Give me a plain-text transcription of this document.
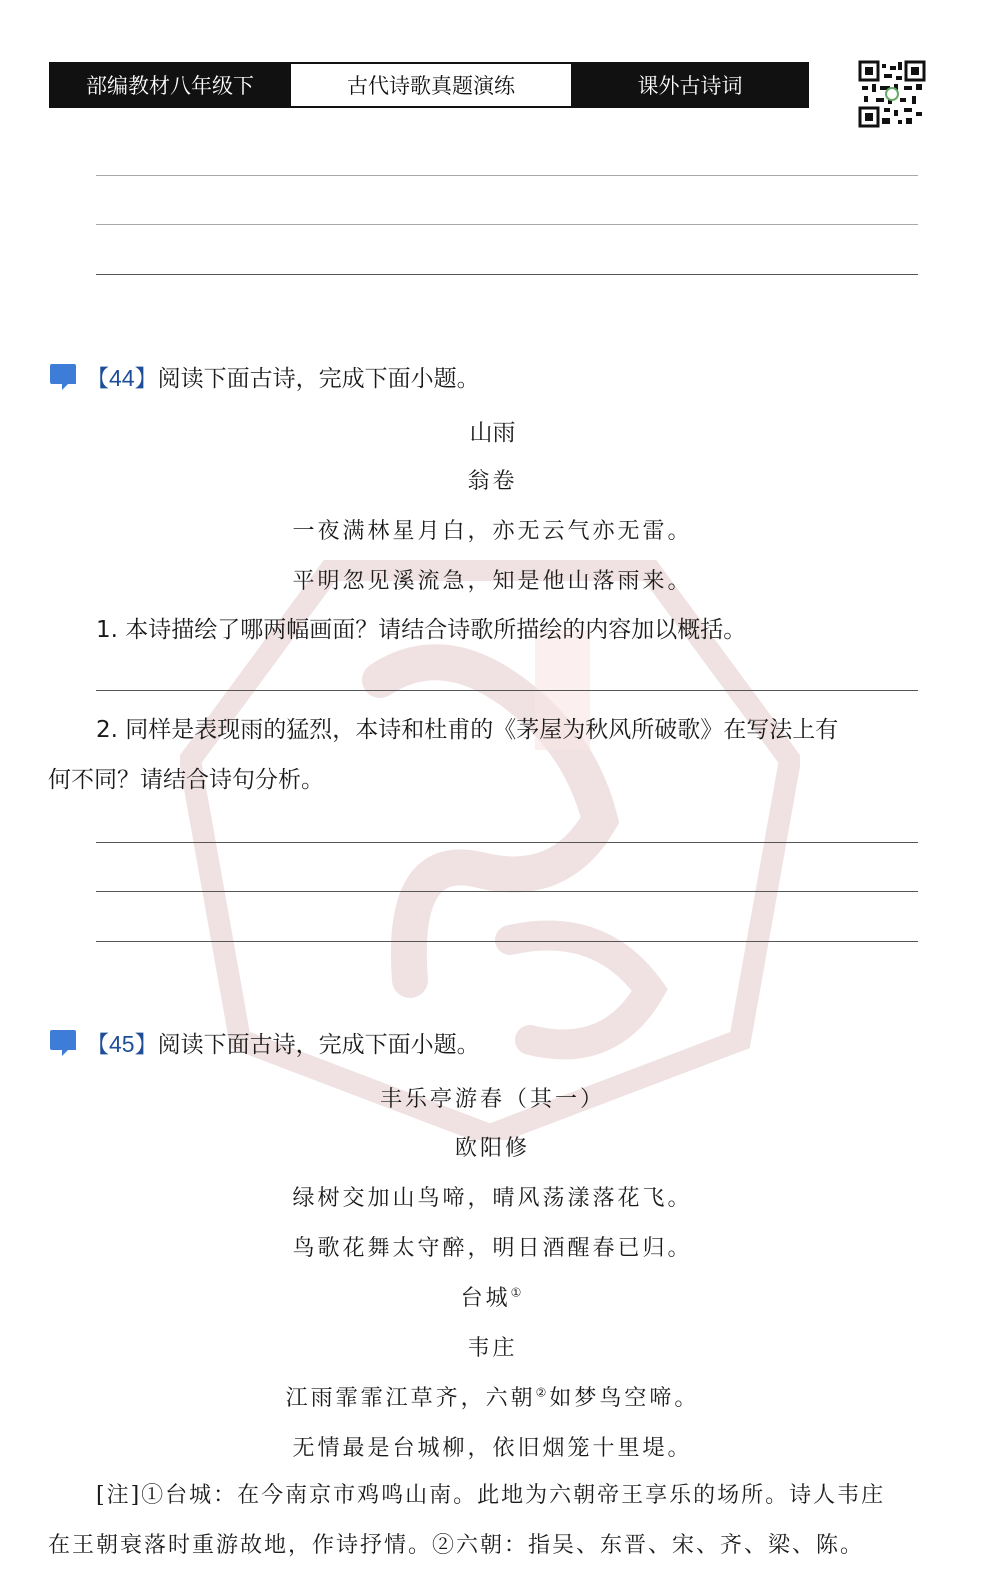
部编教材八年级下	古代诗歌真题演练	课外古诗词
【44】 阅读下面古诗，完成下面小题。
山雨
翁卷
一夜满林星月白，亦无云气亦无雷。
平明忽见溪流急，知是他山落雨来。
1. 本诗描绘了哪两幅画面？请结合诗歌所描绘的内容加以概括。
2. 同样是表现雨的猛烈，本诗和杜甫的《茅屋为秋风所破歌》在写法上有
何不同？请结合诗句分析。
【45】 阅读下面古诗，完成下面小题。
丰乐亭游春（其一）
欧阳修
绿树交加山鸟啼，晴风荡漾落花飞。
鸟歌花舞太守醉，明日酒醒春已归。
台城①
韦庄
江雨霏霏江草齐，六朝②如梦鸟空啼。
无情最是台城柳，依旧烟笼十里堤。
[注]①台城：在今南京市鸡鸣山南。此地为六朝帝王享乐的场所。诗人韦庄
在王朝衰落时重游故地，作诗抒情。②六朝：指吴、东晋、宋、齐、梁、陈。
